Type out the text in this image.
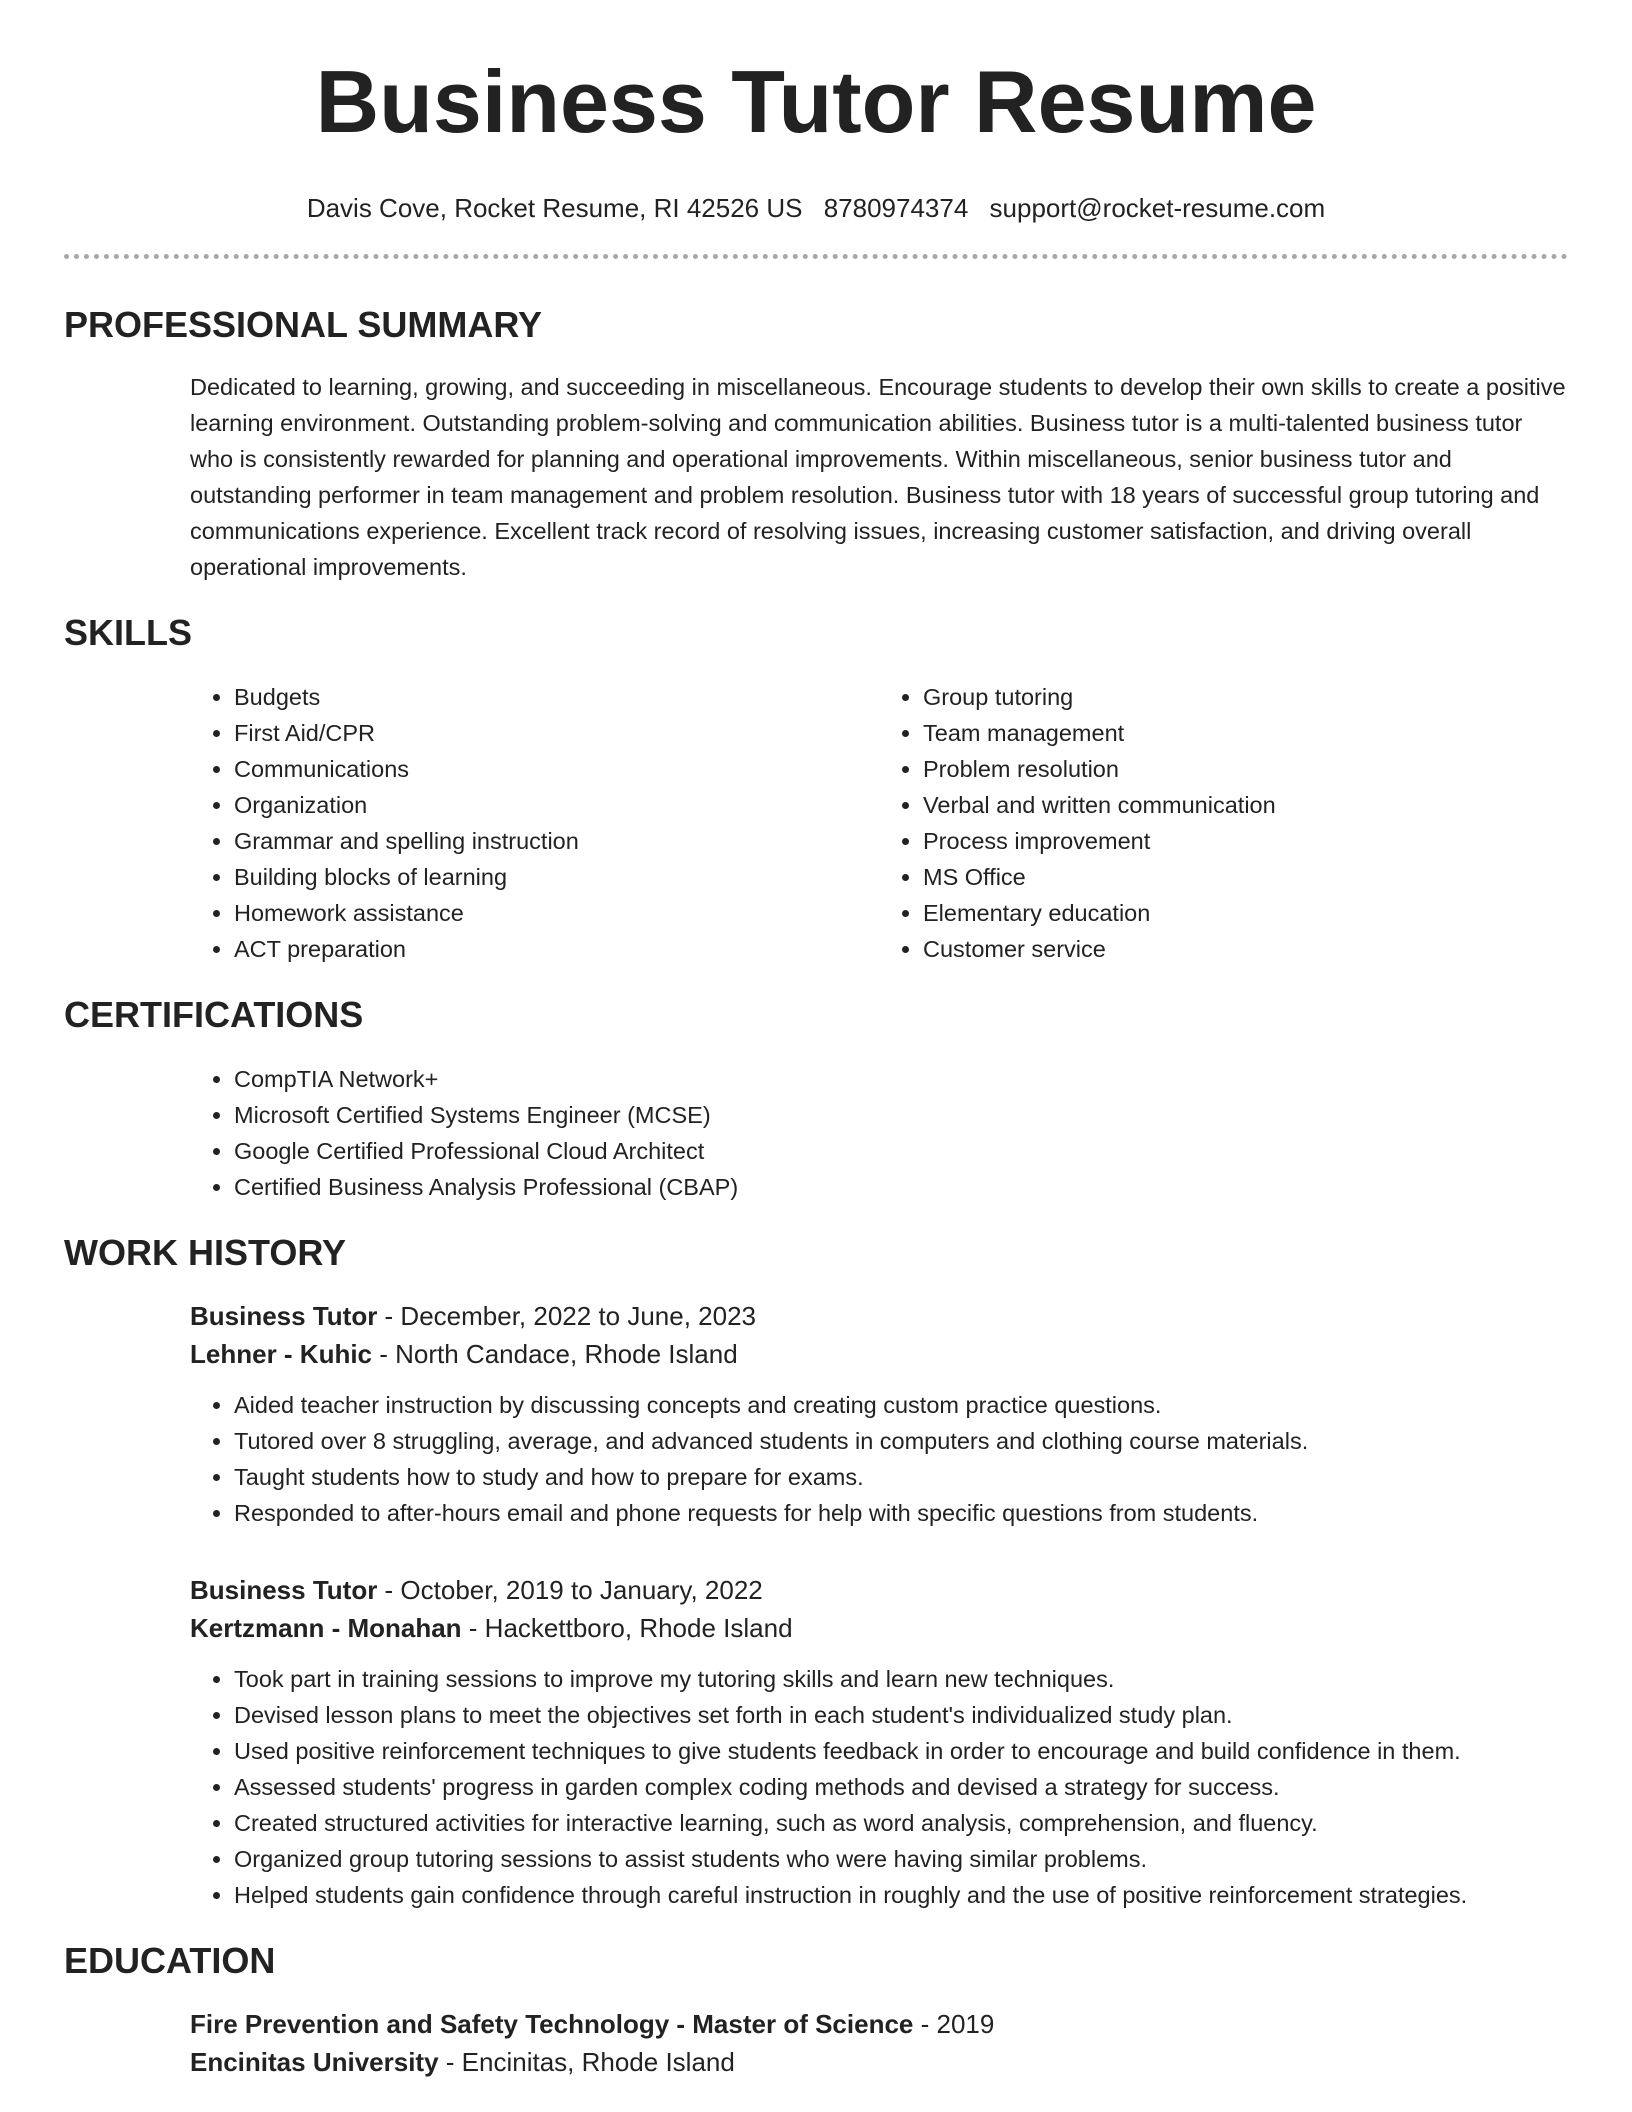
Business Tutor Resume
Davis Cove, Rocket Resume, RI 42526 US 8780974374 support@rocket-resume.com
PROFESSIONAL SUMMARY

Dedicated to learning, growing, and succeeding in miscellaneous. Encourage students to develop their own skills to create a positive learning environment. Outstanding problem-solving and communication abilities. Business tutor is a multi-talented business tutor who is consistently rewarded for planning and operational improvements. Within miscellaneous, senior business tutor and outstanding performer in team management and problem resolution. Business tutor with 18 years of successful group tutoring and communications experience. Excellent track record of resolving issues, increasing customer satisfaction, and driving overall operational improvements.

SKILLS
• Budgets
• First Aid/CPR
• Communications
• Organization
• Grammar and spelling instruction
• Building blocks of learning
• Homework assistance
• ACT preparation
• Group tutoring
• Team management
• Problem resolution
• Verbal and written communication
• Process improvement
• MS Office
• Elementary education
• Customer service
CERTIFICATIONS
• CompTIA Network+
• Microsoft Certified Systems Engineer (MCSE)
• Google Certified Professional Cloud Architect
• Certified Business Analysis Professional (CBAP)
WORK HISTORY
Business Tutor - December, 2022 to June, 2023
Lehner - Kuhic - North Candace, Rhode Island
• Aided teacher instruction by discussing concepts and creating custom practice questions.
• Tutored over 8 struggling, average, and advanced students in computers and clothing course materials.
• Taught students how to study and how to prepare for exams.
• Responded to after-hours email and phone requests for help with specific questions from students.
Business Tutor - October, 2019 to January, 2022
Kertzmann - Monahan - Hackettboro, Rhode Island
• Took part in training sessions to improve my tutoring skills and learn new techniques.
• Devised lesson plans to meet the objectives set forth in each student's individualized study plan.
• Used positive reinforcement techniques to give students feedback in order to encourage and build confidence in them.
• Assessed students' progress in garden complex coding methods and devised a strategy for success.
• Created structured activities for interactive learning, such as word analysis, comprehension, and fluency.
• Organized group tutoring sessions to assist students who were having similar problems.
• Helped students gain confidence through careful instruction in roughly and the use of positive reinforcement strategies.
EDUCATION
Fire Prevention and Safety Technology - Master of Science - 2019
Encinitas University - Encinitas, Rhode Island
